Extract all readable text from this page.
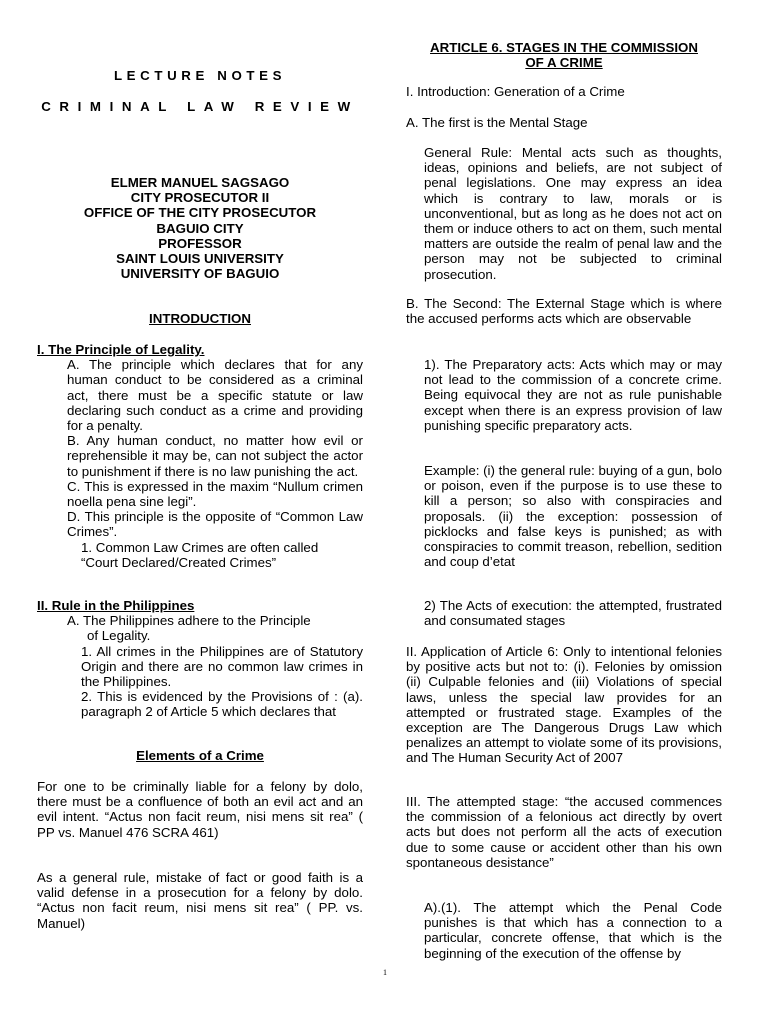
LECTURE NOTES
CRIMINAL LAW REVIEW

ELMER MANUEL SAGSAGO

CITY PROSECUTOR II

OFFICE OF THE CITY PROSECUTOR

BAGUIO CITY

PROFESSOR

SAINT LOUIS UNIVERSITY

UNIVERSITY OF BAGUIO

INTRODUCTION

I. The Principle of Legality.

A. The principle which declares that for any human conduct to be considered as a criminal act, there must be a specific statute or law declaring such conduct as a crime and providing for a penalty.

B. Any human conduct, no matter how evil or reprehensible it may be, can not subject the actor to punishment if there is no law punishing the act.

C. This is expressed in the maxim “Nullum crimen noella pena sine legi”.

D. This principle is the opposite of “Common Law Crimes”.

1. Common Law Crimes are often called

“Court Declared/Created Crimes”

II. Rule in the Philippines

A. The Philippines adhere to the Principle

of Legality.

1. All crimes in the Philippines are of Statutory Origin and there are no common law crimes in the Philippines.

2. This is evidenced by the Provisions of : (a). paragraph 2 of Article 5 which declares that

Elements of a Crime

For one to be criminally liable for a felony by dolo, there must be a confluence of both an evil act and an evil intent. “Actus non facit reum, nisi mens sit rea” ( PP vs. Manuel 476 SCRA 461)

As a general rule, mistake of fact or good faith is a valid defense in a prosecution for a felony by dolo. “Actus non facit reum, nisi mens sit rea” ( PP. vs. Manuel)

ARTICLE 6. STAGES IN THE COMMISSION

OF A CRIME

I. Introduction: Generation of a Crime

A. The first is the Mental Stage

General Rule: Mental acts such as thoughts, ideas, opinions and beliefs, are not subject of penal legislations. One may express an idea which is contrary to law, morals or is unconventional, but as long as he does not act on them or induce others to act on them, such mental matters are outside the realm of penal law and the person may not be subjected to criminal prosecution.

B. The Second: The External Stage which is where the accused performs acts which are observable

1). The Preparatory acts: Acts which may or may not lead to the commission of a concrete crime. Being equivocal they are not as rule punishable except when there is an express provision of law punishing specific preparatory acts.

Example: (i) the general rule: buying of a gun, bolo or poison, even if the purpose is to use these to kill a person; so also with conspiracies and proposals. (ii) the exception: possession of picklocks and false keys is punished; as with conspiracies to commit treason, rebellion, sedition and coup d’etat

2) The Acts of execution: the attempted, frustrated and consumated stages

II. Application of Article 6: Only to intentional felonies by positive acts but not to: (i). Felonies by omission (ii) Culpable felonies and (iii) Violations of special laws, unless the special law provides for an attempted or frustrated stage. Examples of the exception are The Dangerous Drugs Law which penalizes an attempt to violate some of its provisions, and The Human Security Act of 2007

III. The attempted stage: “the accused commences the commission of a felonious act directly by overt acts but does not perform all the acts of execution due to some cause or accident other than his own spontaneous desistance”

A).(1). The attempt which the Penal Code punishes is that which has a connection to a particular, concrete offense, that which is the beginning of the execution of the offense by

1
